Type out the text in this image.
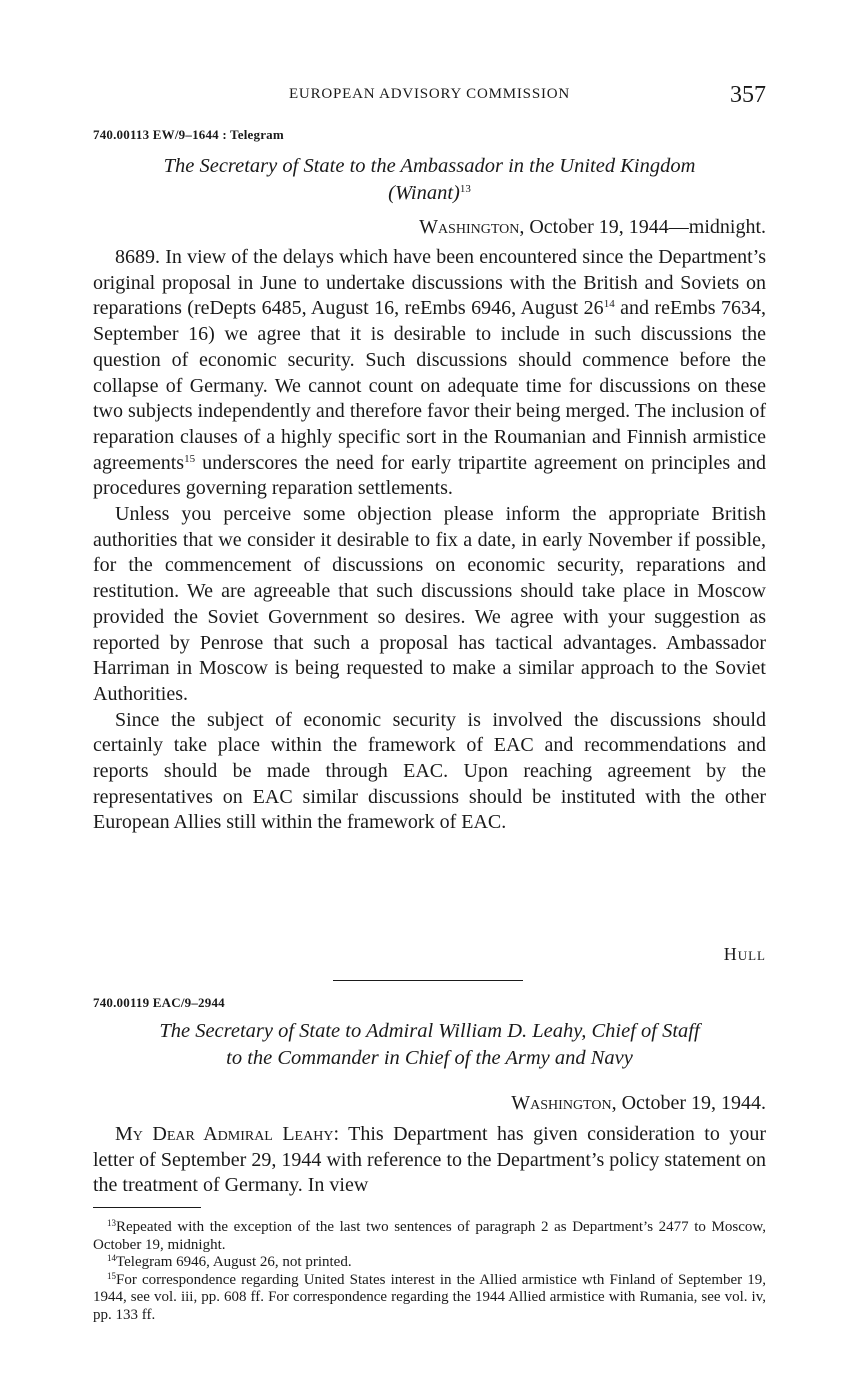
EUROPEAN ADVISORY COMMISSION	357
740.00113 EW/9–1644 : Telegram
The Secretary of State to the Ambassador in the United Kingdom
(Winant)$^{13}$
Washington, October 19, 1944—midnight.

8689. In view of the delays which have been encountered since the Department’s original proposal in June to undertake discussions with the British and Soviets on reparations (reDepts 6485, August 16, reEmbs 6946, August $26^{14}$ and reEmbs 7634, September 16) we agree that it is desirable to include in such discussions the question of economic security. Such discussions should commence before the collapse of Germany. We cannot count on adequate time for discussions on these two subjects independently and therefore favor their being merged. The inclusion of reparation clauses of a highly specific sort in the Roumanian and Finnish armistice agreements$^{15}$ underscores the need for early tripartite agreement on principles and procedures governing reparation settlements.

Unless you perceive some objection please inform the appropriate British authorities that we consider it desirable to fix a date, in early November if possible, for the commencement of discussions on economic security, reparations and restitution. We are agreeable that such discussions should take place in Moscow provided the Soviet Government so desires. We agree with your suggestion as reported by Penrose that such a proposal has tactical advantages. Ambassador Harriman in Moscow is being requested to make a similar approach to the Soviet Authorities.

Since the subject of economic security is involved the discussions should certainly take place within the framework of EAC and recommendations and reports should be made through EAC. Upon reaching agreement by the representatives on EAC similar discussions should be instituted with the other European Allies still within the framework of EAC.

Hull
740.00119 EAC/9–2944
The Secretary of State to Admiral William D. Leahy, Chief of Staff
to the Commander in Chief of the Army and Navy
Washington, October 19, 1944.

My Dear Admiral Leahy: This Department has given consideration to your letter of September 29, 1944 with reference to the Department’s policy statement on the treatment of Germany. In view

$^{13}$Repeated with the exception of the last two sentences of paragraph 2 as Department’s 2477 to Moscow, October 19, midnight.

$^{14}$Telegram 6946, August 26, not printed.

$^{15}$For correspondence regarding United States interest in the Allied armistice wth Finland of September 19, 1944, see vol. iii, pp. 608 ff. For correspondence regarding the 1944 Allied armistice with Rumania, see vol. iv, pp. 133 ff.
